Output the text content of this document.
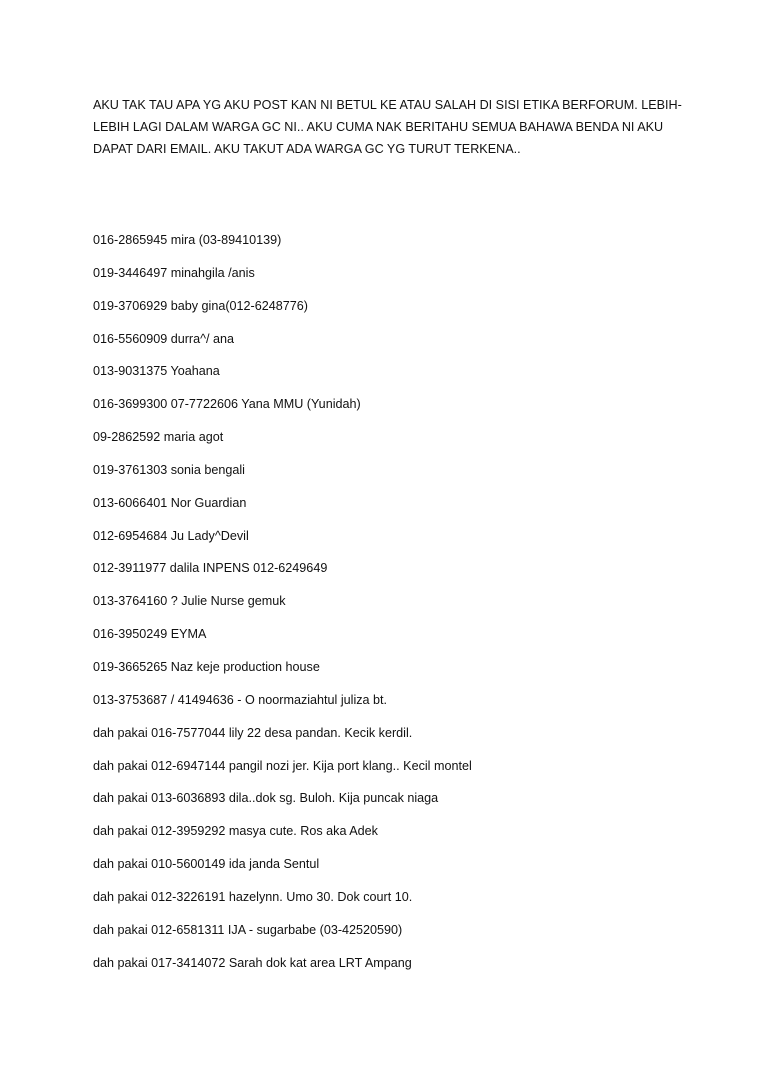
AKU TAK TAU APA YG AKU POST KAN NI BETUL KE ATAU SALAH DI SISI ETIKA BERFORUM. LEBIH-
LEBIH LAGI DALAM WARGA GC NI.. AKU CUMA NAK BERITAHU SEMUA BAHAWA BENDA NI AKU
DAPAT DARI EMAIL. AKU TAKUT ADA WARGA GC YG TURUT TERKENA..
016-2865945 mira (03-89410139)
019-3446497 minahgila /anis
019-3706929 baby gina(012-6248776)
016-5560909 durra^/ ana
013-9031375 Yoahana
016-3699300 07-7722606 Yana MMU (Yunidah)
09-2862592 maria agot
019-3761303 sonia bengali
013-6066401 Nor Guardian
012-6954684 Ju Lady^Devil
012-3911977 dalila INPENS 012-6249649
013-3764160 ? Julie Nurse gemuk
016-3950249 EYMA
019-3665265 Naz keje production house
013-3753687 / 41494636 - O noormaziahtul juliza bt.
dah pakai 016-7577044 lily 22 desa pandan. Kecik kerdil.
dah pakai 012-6947144 pangil nozi jer. Kija port klang.. Kecil montel
dah pakai 013-6036893 dila..dok sg. Buloh. Kija puncak niaga
dah pakai 012-3959292 masya cute. Ros aka Adek
dah pakai 010-5600149 ida janda Sentul
dah pakai 012-3226191 hazelynn. Umo 30. Dok court 10.
dah pakai 012-6581311 IJA - sugarbabe (03-42520590)
dah pakai 017-3414072 Sarah dok kat area LRT Ampang
